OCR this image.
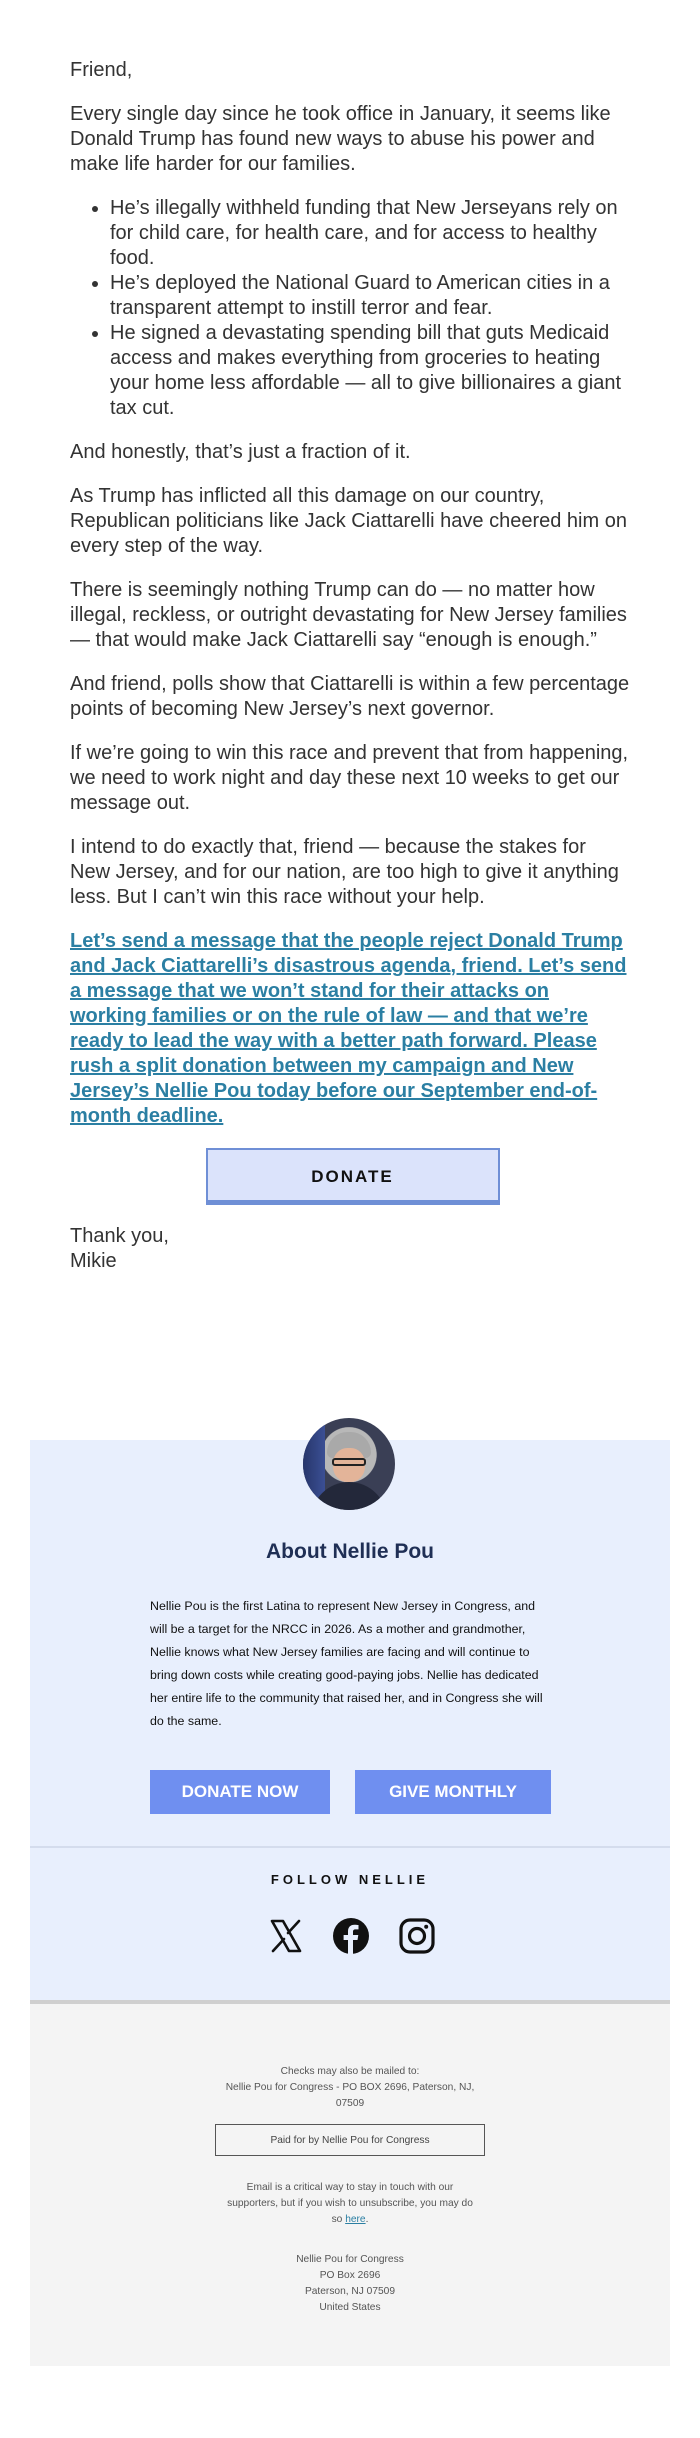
Friend,

Every single day since he took office in January, it seems like Donald Trump has found new ways to abuse his power and make life harder for our families.

• He’s illegally withheld funding that New Jerseyans rely on for child care, for health care, and for access to healthy food.
• He’s deployed the National Guard to American cities in a transparent attempt to instill terror and fear.
• He signed a devastating spending bill that guts Medicaid access and makes everything from groceries to heating your home less affordable — all to give billionaires a giant tax cut.

And honestly, that’s just a fraction of it.

As Trump has inflicted all this damage on our country, Republican politicians like Jack Ciattarelli have cheered him on every step of the way.

There is seemingly nothing Trump can do — no matter how illegal, reckless, or outright devastating for New Jersey families — that would make Jack Ciattarelli say “enough is enough.”

And friend, polls show that Ciattarelli is within a few percentage points of becoming New Jersey’s next governor.

If we’re going to win this race and prevent that from happening, we need to work night and day these next 10 weeks to get our message out.

I intend to do exactly that, friend — because the stakes for New Jersey, and for our nation, are too high to give it anything less. But I can’t win this race without your help.

Let’s send a message that the people reject Donald Trump and Jack Ciattarelli’s disastrous agenda, friend. Let’s send a message that we won’t stand for their attacks on working families or on the rule of law — and that we’re ready to lead the way with a better path forward. Please rush a split donation between my campaign and New Jersey’s Nellie Pou today before our September end-of-month deadline.

DONATE
Thank you,
Mikie
About Nellie Pou
Nellie Pou is the first Latina to represent New Jersey in Congress, and will be a target for the NRCC in 2026. As a mother and grandmother, Nellie knows what New Jersey families are facing and will continue to bring down costs while creating good-paying jobs. Nellie has dedicated her entire life to the community that raised her, and in Congress she will do the same.
DONATE NOW	GIVE MONTHLY
FOLLOW NELLIE
Checks may also be mailed to:
Nellie Pou for Congress - PO BOX 2696, Paterson, NJ,
07509
Paid for by Nellie Pou for Congress
Email is a critical way to stay in touch with our supporters, but if you wish to unsubscribe, you may do so here.
Nellie Pou for Congress
PO Box 2696
Paterson, NJ 07509
United States
